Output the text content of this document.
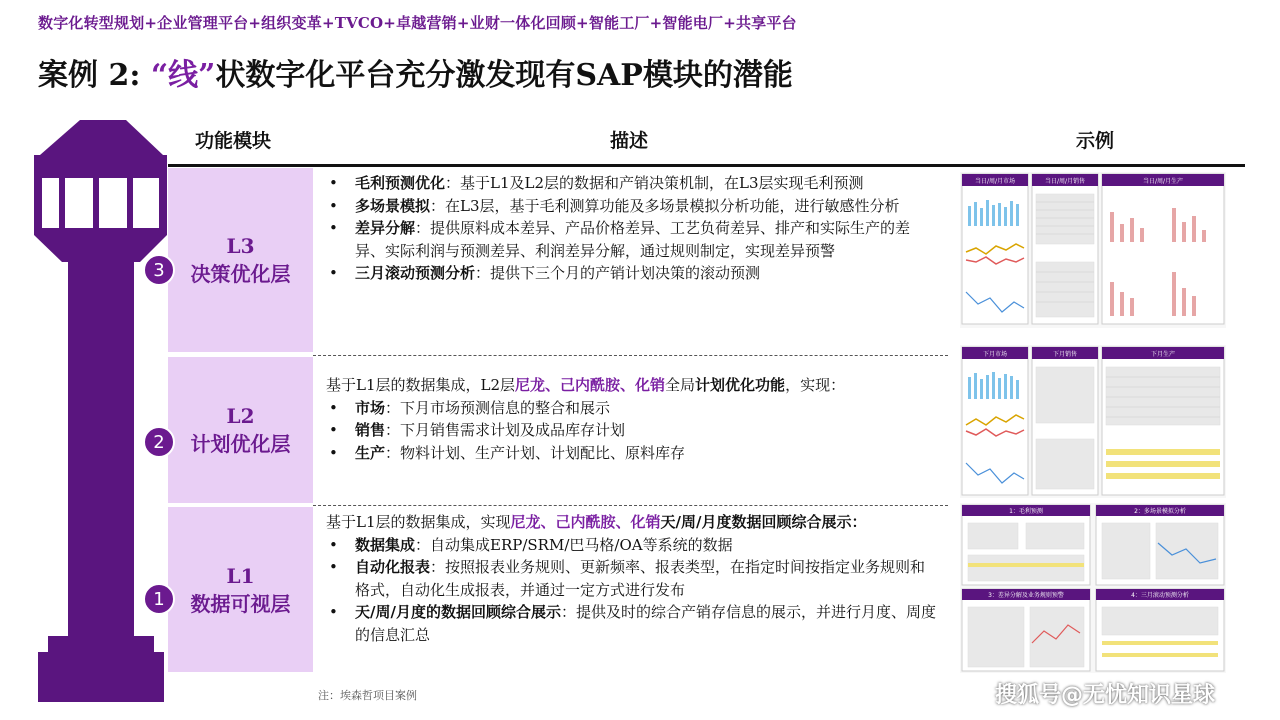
数字化转型规划+企业管理平台+组织变革+TVCO+卓越营销+业财一体化回顾+智能工厂+智能电厂+共享平台
案例 2: “线”状数字化平台充分激发现有SAP模块的潜能
功能模块	描述	示例
L3
决策优化层
3
• 毛利预测优化：基于L1及L2层的数据和产销决策机制，在L3层实现毛利预测
• 多场景模拟：在L3层，基于毛利测算功能及多场景模拟分析功能，进行敏感性分析
• 差异分解：提供原料成本差异、产品价格差异、工艺负荷差异、排产和实际生产的差异、实际利润与预测差异、利润差异分解，通过规则制定，实现差异预警
• 三月滚动预测分析：提供下三个月的产销计划决策的滚动预测
L2
计划优化层
2

基于L1层的数据集成，L2层尼龙、己内酰胺、化销全局计划优化功能，实现：

• 市场：下月市场预测信息的整合和展示
• 销售：下月销售需求计划及成品库存计划
• 生产：物料计划、生产计划、计划配比、原料库存
L1
数据可视层
1

基于L1层的数据集成，实现尼龙、己内酰胺、化销天/周/月度数据回顾综合展示：

• 数据集成：自动集成ERP/SRM/巴马格/OA等系统的数据
• 自动化报表：按照报表业务规则、更新频率、报表类型，在指定时间按指定业务规则和格式，自动化生成报表，并通过一定方式进行发布
• 天/周/月度的数据回顾综合展示：提供及时的综合产销存信息的展示，并进行月度、周度的信息汇总
当日/周/月市场	当日/周/月销售	当日/周/月生产
下月市场	下月销售	下月生产
1：毛利预测	2：多场景模拟分析
3：差异分解及业务规则预警	4：三月滚动预测分析
注：埃森哲项目案例	搜狐号@无忧知识星球
